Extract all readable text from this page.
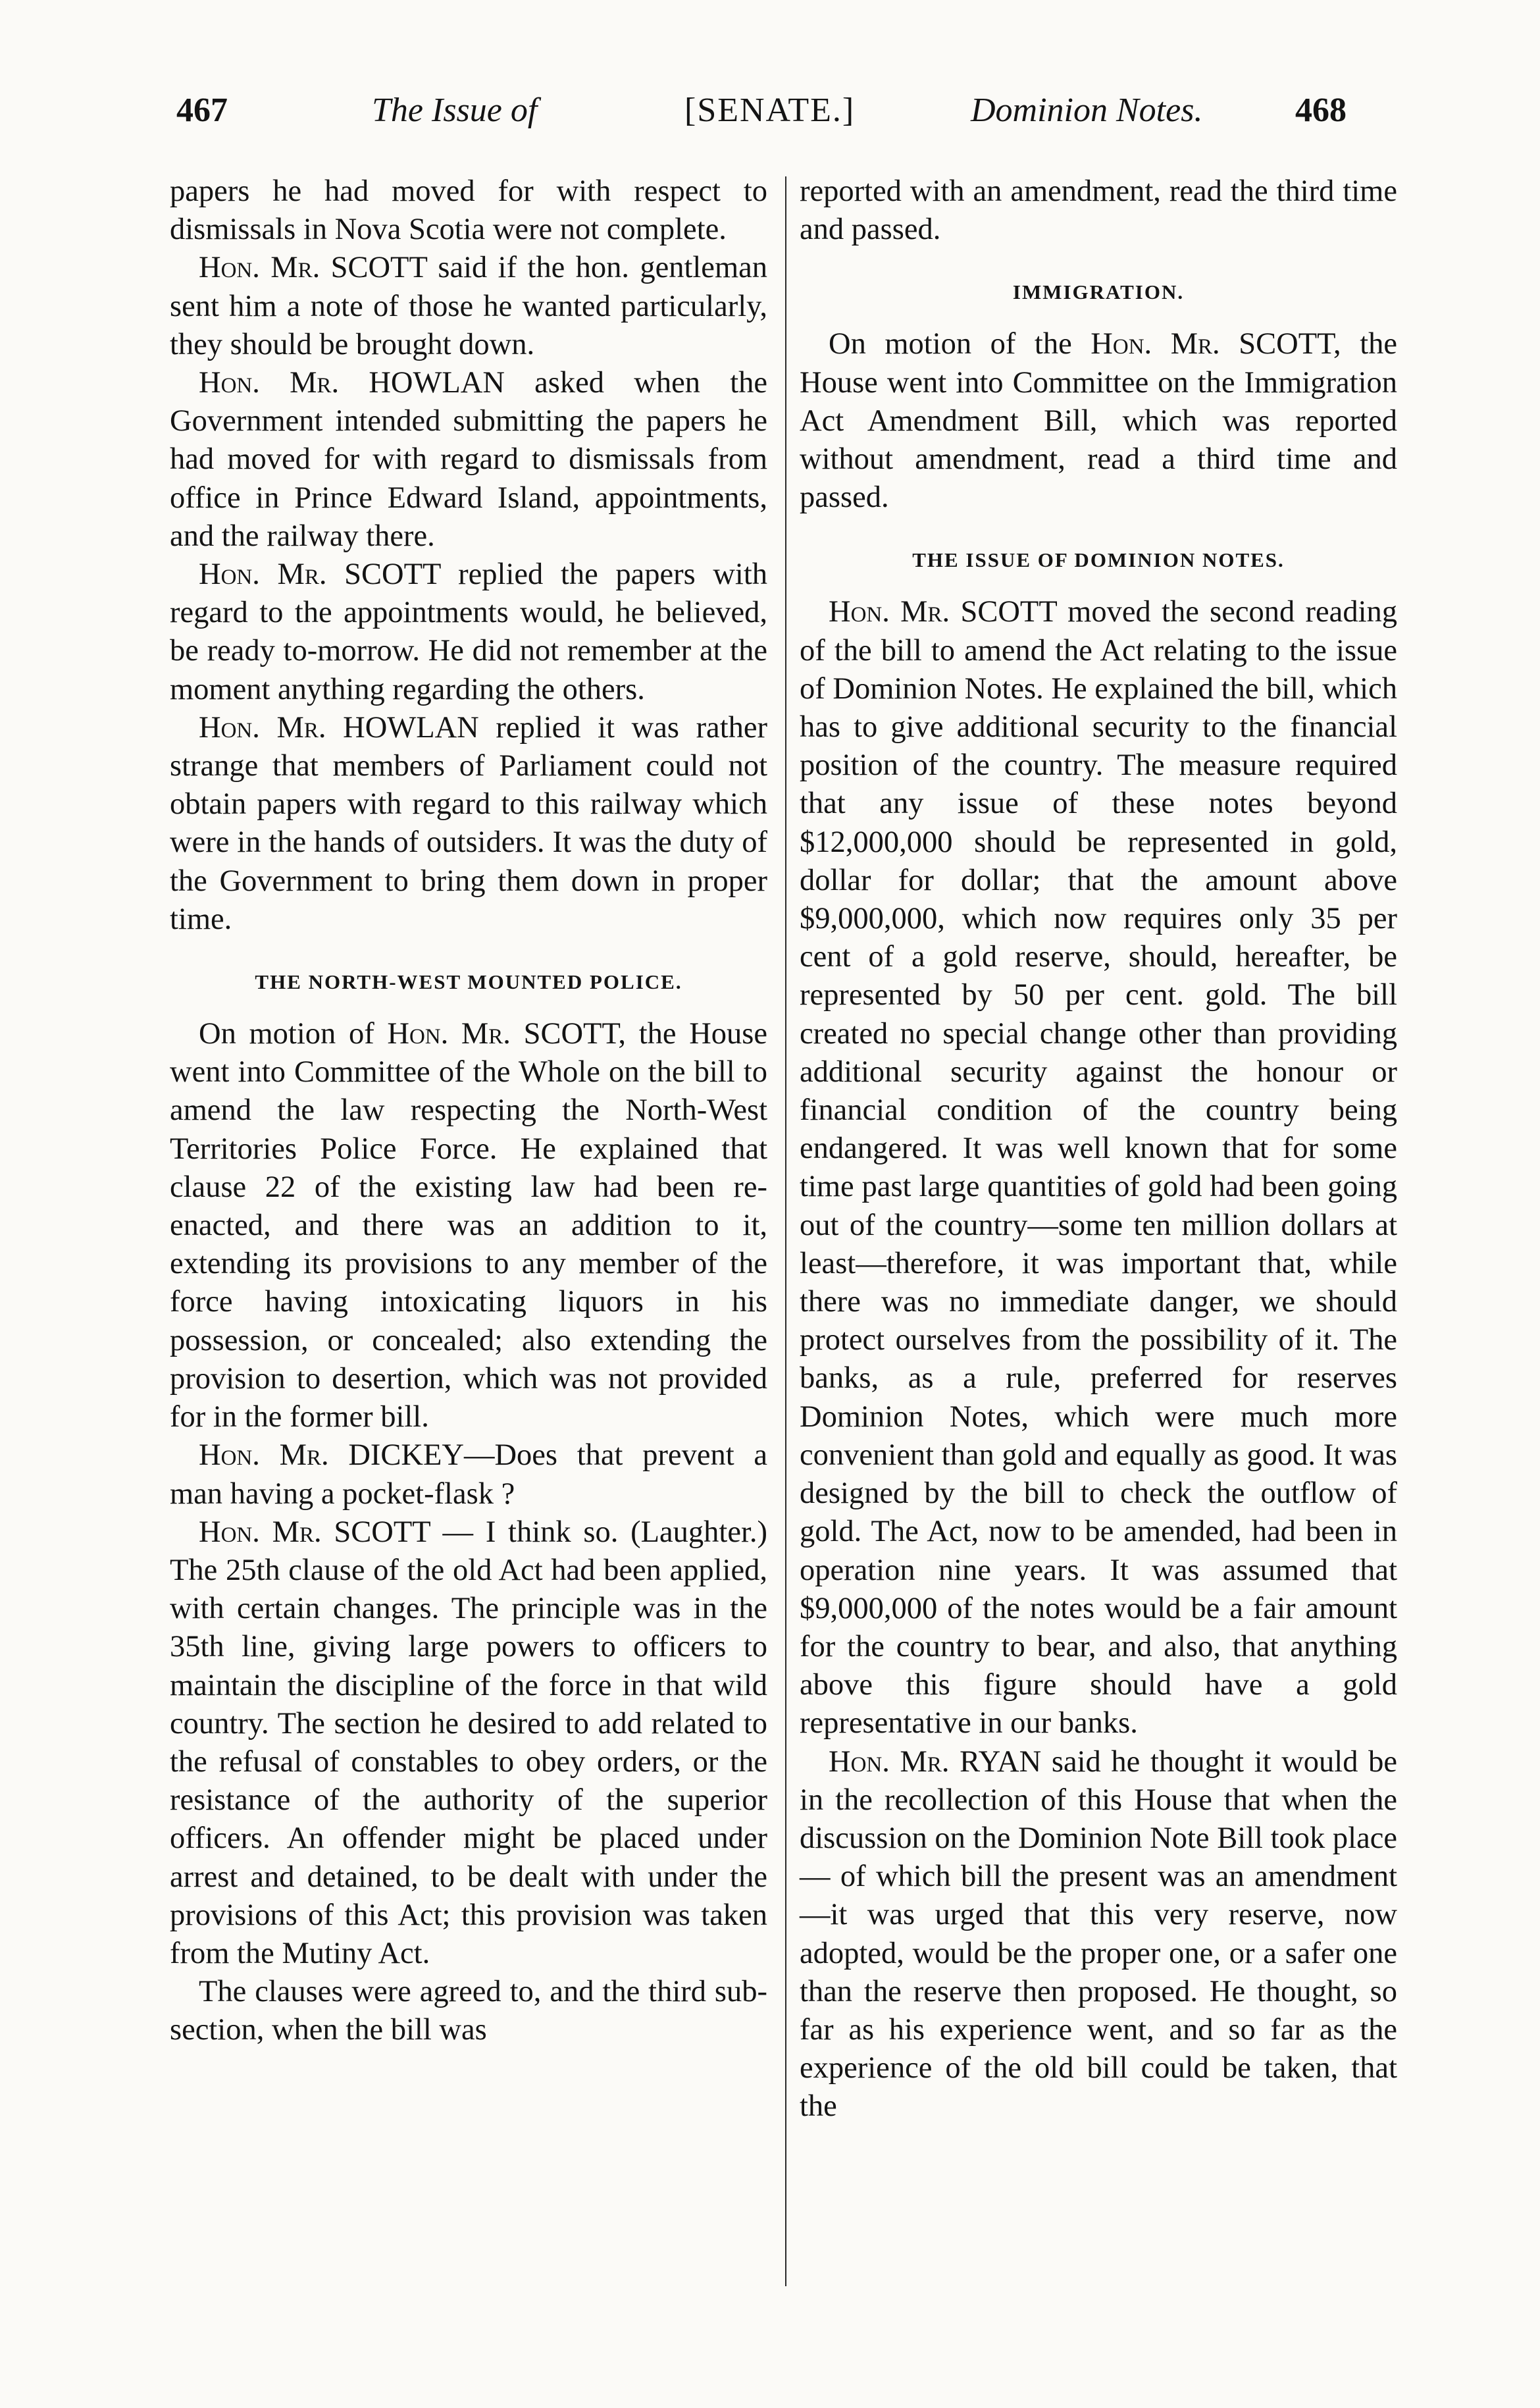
467	The Issue of	[SENATE.]	Dominion Notes.	468

papers he had moved for with respect to dismissals in Nova Scotia were not complete.

Hon. Mr. SCOTT said if the hon. gentleman sent him a note of those he wanted particularly, they should be brought down.

Hon. Mr. HOWLAN asked when the Government intended submitting the papers he had moved for with regard to dismissals from office in Prince Edward Island, appointments, and the railway there.

Hon. Mr. SCOTT replied the papers with regard to the appointments would, he believed, be ready to-morrow. He did not remember at the moment anything regarding the others.

Hon. Mr. HOWLAN replied it was rather strange that members of Parliament could not obtain papers with regard to this railway which were in the hands of outsiders. It was the duty of the Government to bring them down in proper time.

THE NORTH-WEST MOUNTED POLICE.

On motion of Hon. Mr. SCOTT, the House went into Committee of the Whole on the bill to amend the law respecting the North-West Territories Police Force. He explained that clause 22 of the existing law had been re-enacted, and there was an addition to it, extending its provisions to any member of the force having intoxicating liquors in his possession, or concealed; also extending the provision to desertion, which was not provided for in the former bill.

Hon. Mr. DICKEY—Does that prevent a man having a pocket-flask ?

Hon. Mr. SCOTT — I think so. (Laughter.) The 25th clause of the old Act had been applied, with certain changes. The principle was in the 35th line, giving large powers to officers to maintain the discipline of the force in that wild country. The section he desired to add related to the refusal of constables to obey orders, or the resistance of the authority of the superior officers. An offender might be placed under arrest and detained, to be dealt with under the provisions of this Act; this provision was taken from the Mutiny Act.

The clauses were agreed to, and the third sub-section, when the bill was

reported with an amendment, read the third time and passed.

IMMIGRATION.

On motion of the Hon. Mr. SCOTT, the House went into Committee on the Immigration Act Amendment Bill, which was reported without amendment, read a third time and passed.

THE ISSUE OF DOMINION NOTES.

Hon. Mr. SCOTT moved the second reading of the bill to amend the Act relating to the issue of Dominion Notes. He explained the bill, which has to give additional security to the financial position of the country. The measure required that any issue of these notes beyond $12,000,000 should be represented in gold, dollar for dollar; that the amount above $9,000,000, which now requires only 35 per cent of a gold reserve, should, hereafter, be represented by 50 per cent. gold. The bill created no special change other than providing additional security against the honour or financial condition of the country being endangered. It was well known that for some time past large quantities of gold had been going out of the country—some ten million dollars at least—therefore, it was important that, while there was no immediate danger, we should protect ourselves from the possibility of it. The banks, as a rule, preferred for reserves Dominion Notes, which were much more convenient than gold and equally as good. It was designed by the bill to check the outflow of gold. The Act, now to be amended, had been in operation nine years. It was assumed that $9,000,000 of the notes would be a fair amount for the country to bear, and also, that anything above this figure should have a gold representative in our banks.

Hon. Mr. RYAN said he thought it would be in the recollection of this House that when the discussion on the Dominion Note Bill took place — of which bill the present was an amendment—it was urged that this very reserve, now adopted, would be the proper one, or a safer one than the reserve then proposed. He thought, so far as his experience went, and so far as the experience of the old bill could be taken, that the
